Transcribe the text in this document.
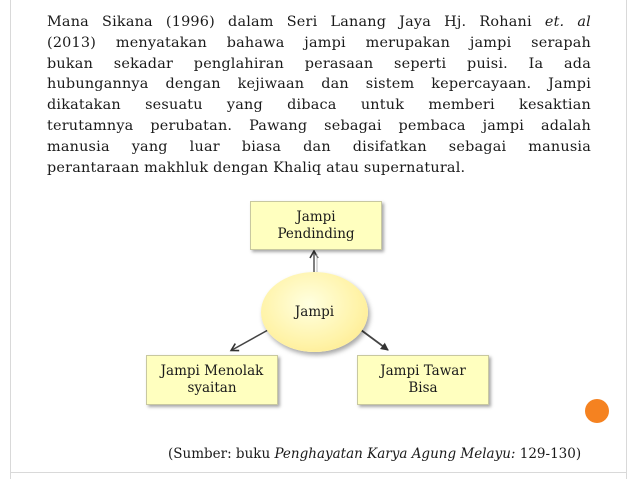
Mana Sikana (1996) dalam Seri Lanang Jaya Hj. Rohani et. al
(2013) menyatakan bahawa jampi merupakan jampi serapah
bukan sekadar penglahiran perasaan seperti puisi. Ia ada
hubungannya dengan kejiwaan dan sistem kepercayaan. Jampi
dikatakan sesuatu yang dibaca untuk memberi kesaktian
terutamnya perubatan. Pawang sebagai pembaca jampi adalah
manusia yang luar biasa dan disifatkan sebagai manusia
perantaraan makhluk dengan Khaliq atau supernatural.
Jampi
Pendinding
Jampi
Jampi Menolak
syaitan
Jampi Tawar
Bisa
(Sumber: buku Penghayatan Karya Agung Melayu: 129-130)
